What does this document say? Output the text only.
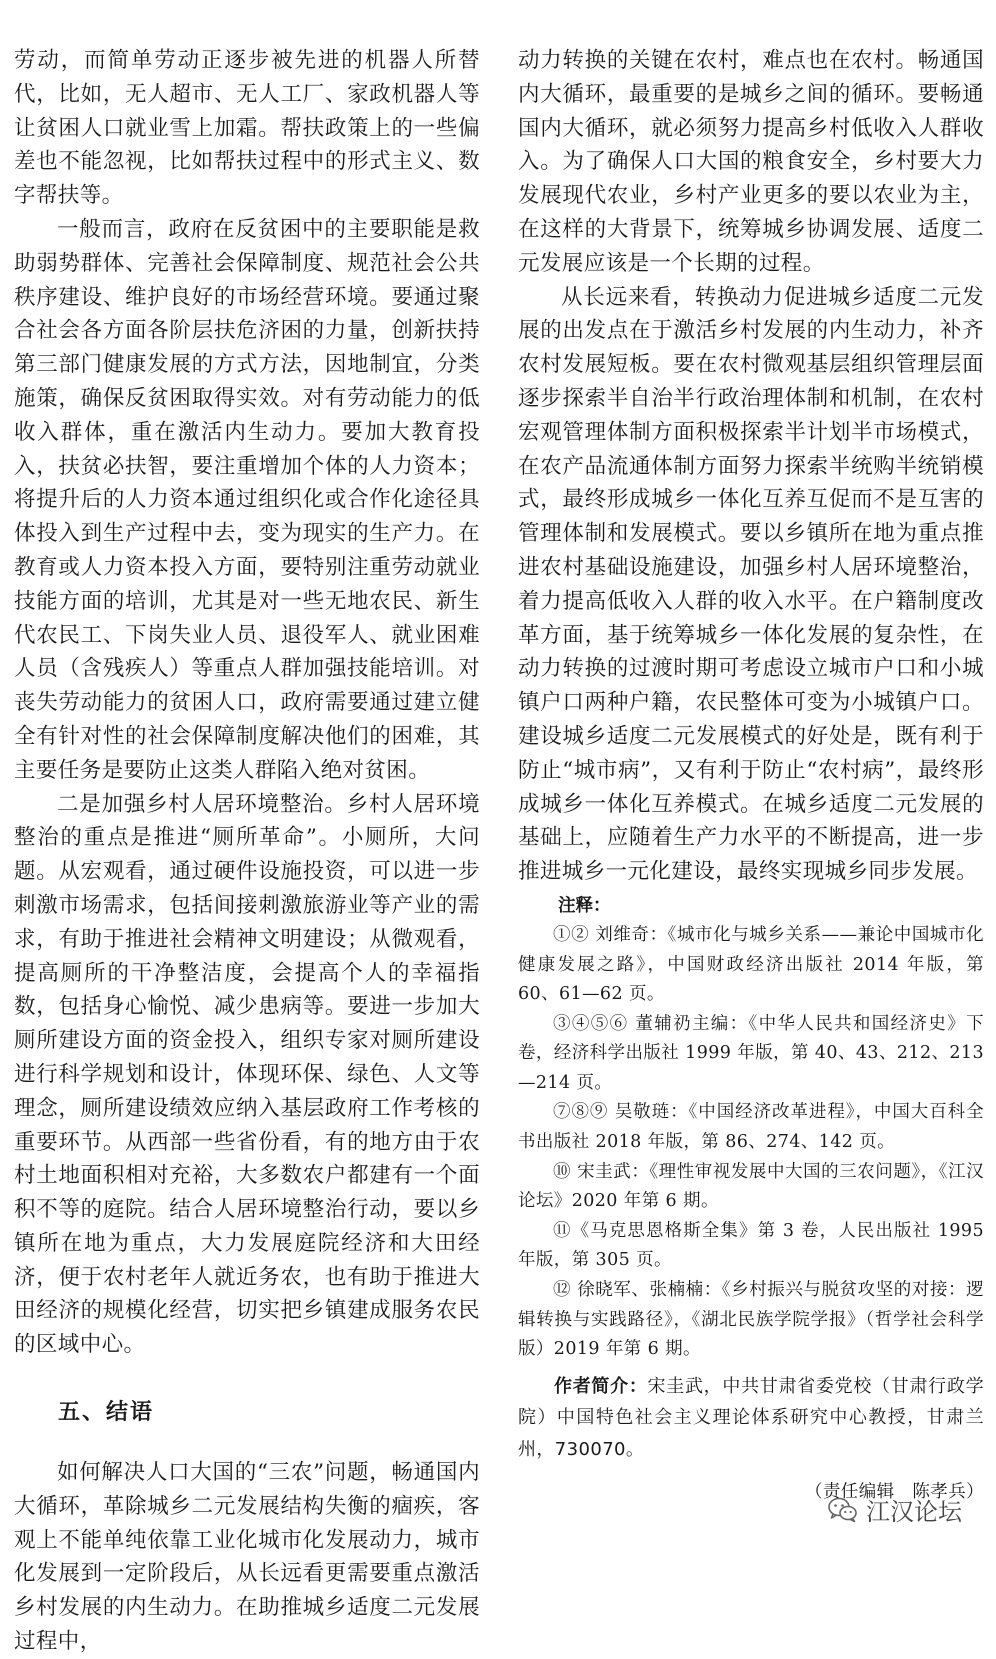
劳动，而简单劳动正逐步被先进的机器人所替代，比如，无人超市、无人工厂、家政机器人等让贫困人口就业雪上加霜。帮扶政策上的一些偏差也不能忽视，比如帮扶过程中的形式主义、数字帮扶等。

一般而言，政府在反贫困中的主要职能是救助弱势群体、完善社会保障制度、规范社会公共秩序建设、维护良好的市场经营环境。要通过聚合社会各方面各阶层扶危济困的力量，创新扶持第三部门健康发展的方式方法，因地制宜，分类施策，确保反贫困取得实效。对有劳动能力的低收入群体，重在激活内生动力。要加大教育投入，扶贫必扶智，要注重增加个体的人力资本；将提升后的人力资本通过组织化或合作化途径具体投入到生产过程中去，变为现实的生产力。在教育或人力资本投入方面，要特别注重劳动就业技能方面的培训，尤其是对一些无地农民、新生代农民工、下岗失业人员、退役军人、就业困难人员（含残疾人）等重点人群加强技能培训。对丧失劳动能力的贫困人口，政府需要通过建立健全有针对性的社会保障制度解决他们的困难，其主要任务是要防止这类人群陷入绝对贫困。

二是加强乡村人居环境整治。乡村人居环境整治的重点是推进“厕所革命”。小厕所，大问题。从宏观看，通过硬件设施投资，可以进一步刺激市场需求，包括间接刺激旅游业等产业的需求，有助于推进社会精神文明建设；从微观看，提高厕所的干净整洁度，会提高个人的幸福指数，包括身心愉悦、减少患病等。要进一步加大厕所建设方面的资金投入，组织专家对厕所建设进行科学规划和设计，体现环保、绿色、人文等理念，厕所建设绩效应纳入基层政府工作考核的重要环节。从西部一些省份看，有的地方由于农村土地面积相对充裕，大多数农户都建有一个面积不等的庭院。结合人居环境整治行动，要以乡镇所在地为重点，大力发展庭院经济和大田经济，便于农村老年人就近务农，也有助于推进大田经济的规模化经营，切实把乡镇建成服务农民的区域中心。

五、结语

如何解决人口大国的“三农”问题，畅通国内大循环，革除城乡二元发展结构失衡的痼疾，客观上不能单纯依靠工业化城市化发展动力，城市化发展到一定阶段后，从长远看更需要重点激活乡村发展的内生动力。在助推城乡适度二元发展过程中，

动力转换的关键在农村，难点也在农村。畅通国内大循环，最重要的是城乡之间的循环。要畅通国内大循环，就必须努力提高乡村低收入人群收入。为了确保人口大国的粮食安全，乡村要大力发展现代农业，乡村产业更多的要以农业为主，在这样的大背景下，统筹城乡协调发展、适度二元发展应该是一个长期的过程。

从长远来看，转换动力促进城乡适度二元发展的出发点在于激活乡村发展的内生动力，补齐农村发展短板。要在农村微观基层组织管理层面逐步探索半自治半行政治理体制和机制，在农村宏观管理体制方面积极探索半计划半市场模式，在农产品流通体制方面努力探索半统购半统销模式，最终形成城乡一体化互养互促而不是互害的管理体制和发展模式。要以乡镇所在地为重点推进农村基础设施建设，加强乡村人居环境整治，着力提高低收入人群的收入水平。在户籍制度改革方面，基于统筹城乡一体化发展的复杂性，在动力转换的过渡时期可考虑设立城市户口和小城镇户口两种户籍，农民整体可变为小城镇户口。建设城乡适度二元发展模式的好处是，既有利于防止“城市病”，又有利于防止“农村病”，最终形成城乡一体化互养模式。在城乡适度二元发展的基础上，应随着生产力水平的不断提高，进一步推进城乡一元化建设，最终实现城乡同步发展。

注释：

①② 刘维奇：《城市化与城乡关系——兼论中国城市化健康发展之路》，中国财政经济出版社 2014 年版，第 60、61—62 页。

③④⑤⑥ 董辅礽主编：《中华人民共和国经济史》下卷，经济科学出版社 1999 年版，第 40、43、212、213—214 页。

⑦⑧⑨ 吴敬琏：《中国经济改革进程》，中国大百科全书出版社 2018 年版，第 86、274、142 页。

⑩ 宋圭武：《理性审视发展中大国的三农问题》，《江汉论坛》2020 年第 6 期。

⑪《马克思恩格斯全集》第 3 卷，人民出版社 1995 年版，第 305 页。

⑫ 徐晓军、张楠楠：《乡村振兴与脱贫攻坚的对接：逻辑转换与实践路径》，《湖北民族学院学报》（哲学社会科学版）2019 年第 6 期。

作者简介：宋圭武，中共甘肃省委党校（甘肃行政学院）中国特色社会主义理论体系研究中心教授，甘肃兰州，730070。

（责任编辑　陈孝兵）

江汉论坛
